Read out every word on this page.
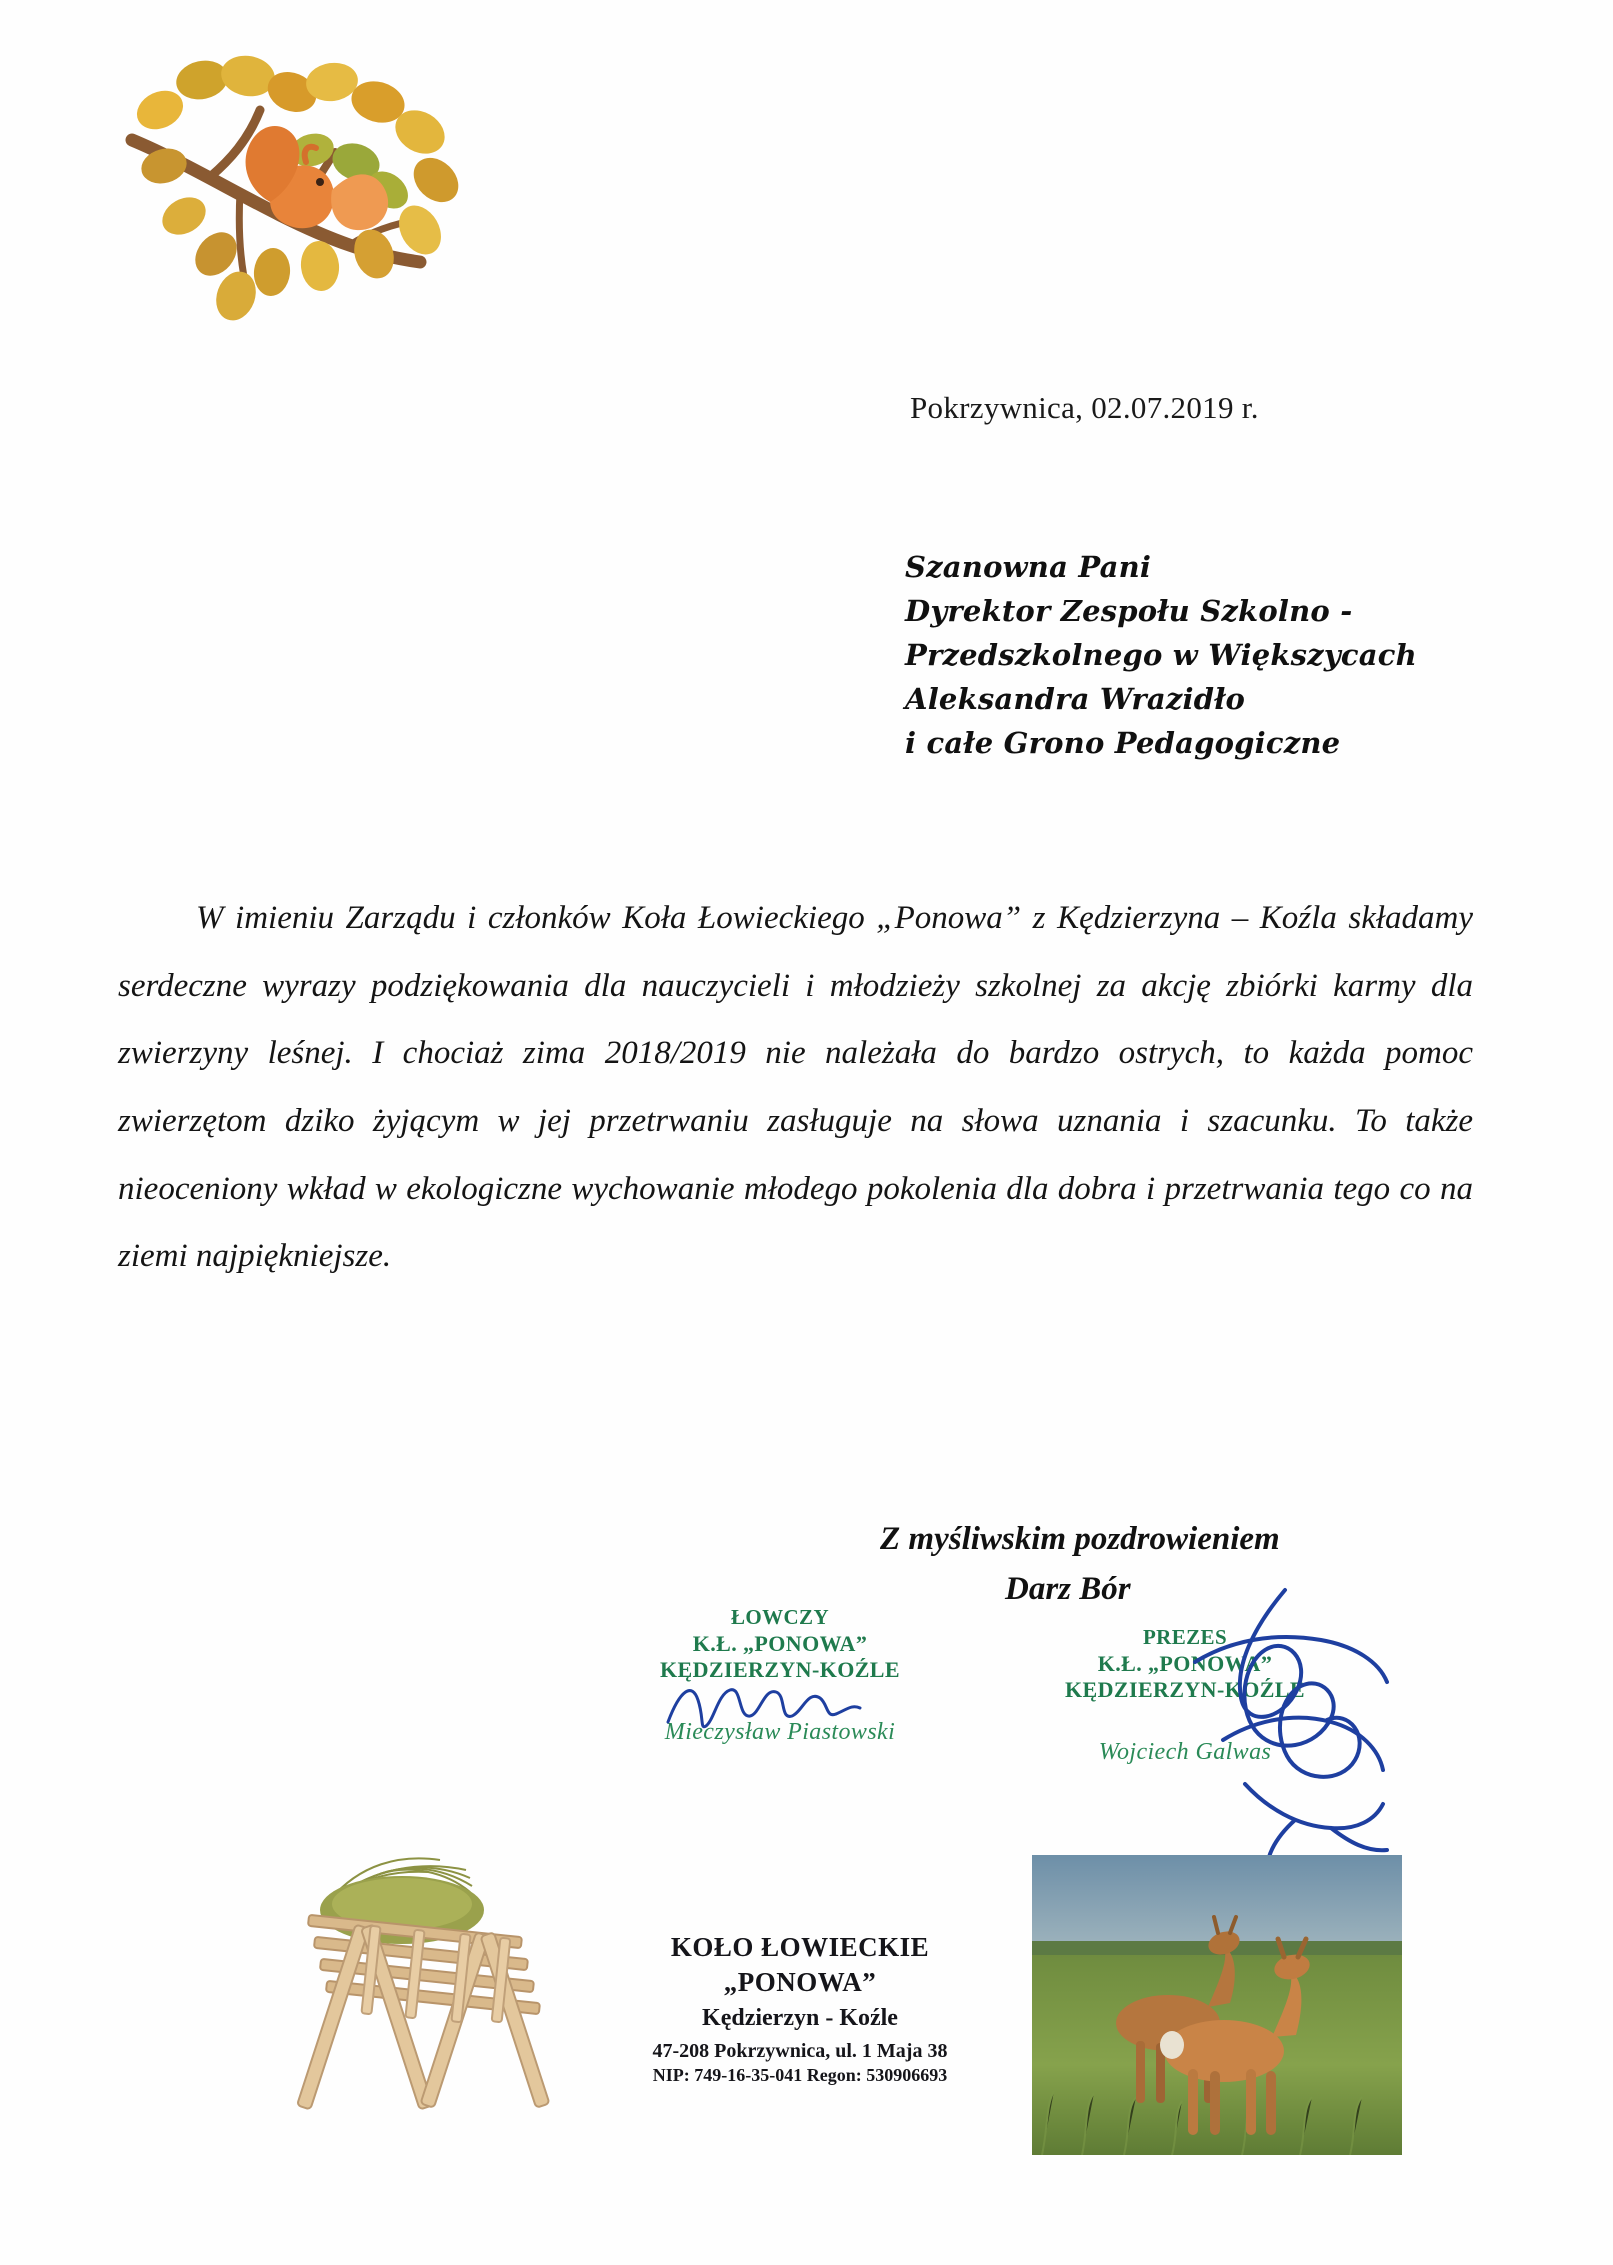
Pokrzywnica, 02.07.2019 r.
Szanowna Pani
Dyrektor Zespołu Szkolno -
Przedszkolnego w Większycach
Aleksandra Wrazidło
i całe Grono Pedagogiczne
W imieniu Zarządu i członków Koła Łowieckiego „Ponowa” z Kędzierzyna – Koźla składamy serdeczne wyrazy podziękowania dla nauczycieli i młodzieży szkolnej za akcję zbiórki karmy dla zwierzyny leśnej. I chociaż zima 2018/2019 nie należała do bardzo ostrych, to każda pomoc zwierzętom dziko żyjącym w jej przetrwaniu zasługuje na słowa uznania i szacunku. To także nieoceniony wkład w ekologiczne wychowanie młodego pokolenia dla dobra i przetrwania tego co na ziemi najpiękniejsze.
Z myśliwskim pozdrowieniem
Darz Bór
ŁOWCZY
K.Ł. „PONOWA”
KĘDZIERZYN-KOŹLE
Mieczysław Piastowski
PREZES
K.Ł. „PONOWA”
KĘDZIERZYN-KOŹLE
Wojciech Galwas
KOŁO ŁOWIECKIE
„PONOWA”
Kędzierzyn - Koźle
47-208 Pokrzywnica, ul. 1 Maja 38
NIP: 749-16-35-041 Regon: 530906693
